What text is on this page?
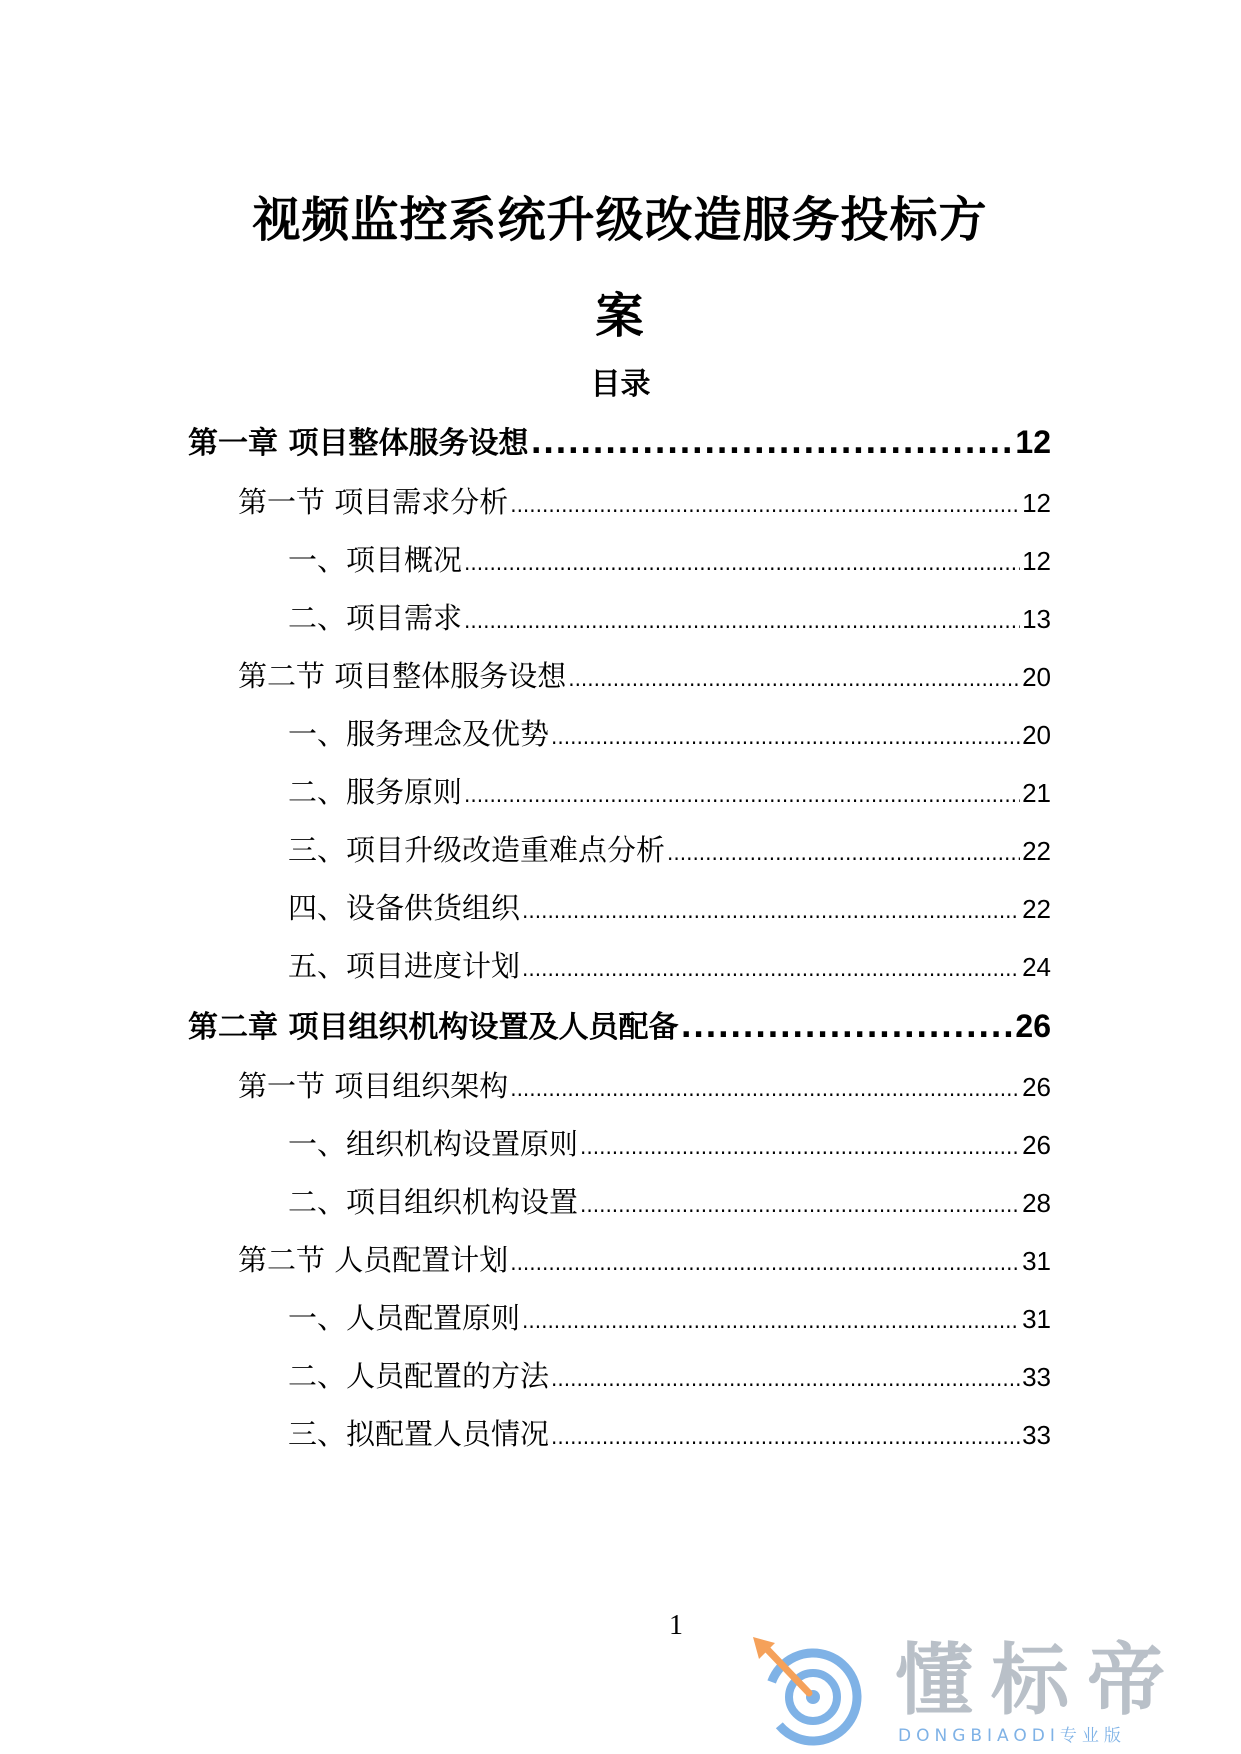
视频监控系统升级改造服务投标方
案
目录
第一章 项目整体服务设想 .....	12
第一节 项目需求分析 .....	12
一、项目概况 .....	12
二、项目需求 .....	13
第二节 项目整体服务设想 .....	20
一、服务理念及优势 .....	20
二、服务原则 .....	21
三、项目升级改造重难点分析 .....	22
四、设备供货组织 .....	22
五、项目进度计划 .....	24
第二章 项目组织机构设置及人员配备 .....	26
第一节 项目组织架构 .....	26
一、组织机构设置原则 .....	26
二、项目组织机构设置 .....	28
第二节 人员配置计划 .....	31
一、人员配置原则 .....	31
二、人员配置的方法 .....	33
三、拟配置人员情况 .....	33
1
懂标帝
DONGBIAODI专业版
